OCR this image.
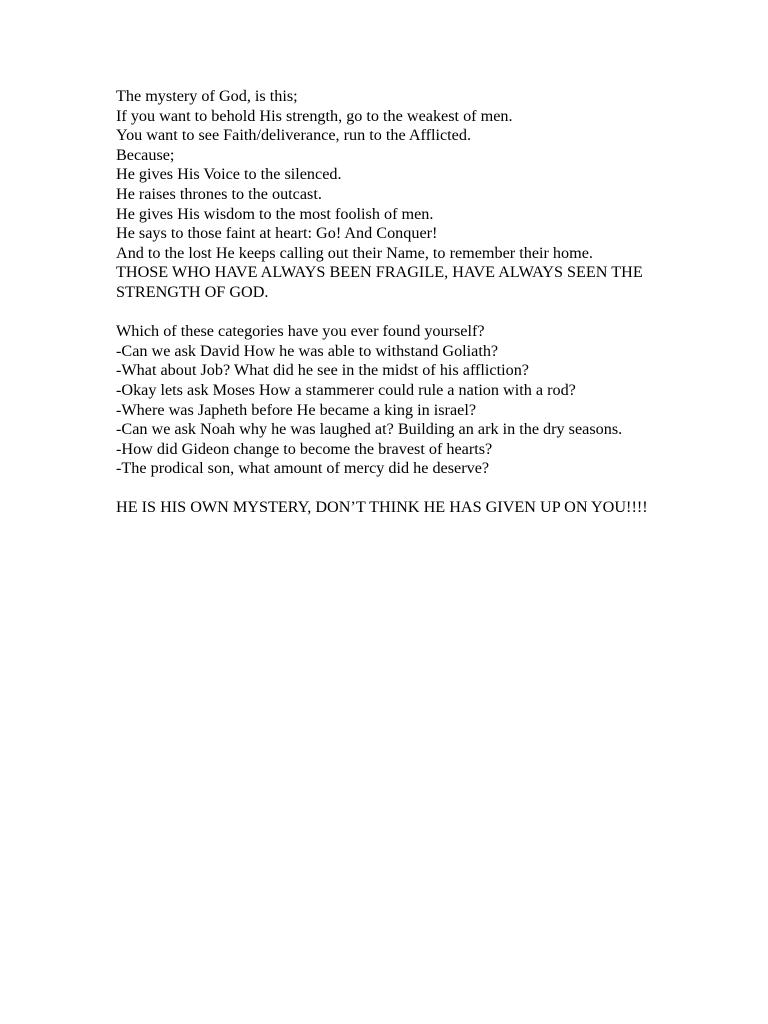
The mystery of God, is this;
If you want to behold His strength, go to the weakest of men.
You want to see Faith/deliverance, run to the Afflicted.
Because;
He gives His Voice to the silenced.
He raises thrones to the outcast.
He gives His wisdom to the most foolish of men.
He says to those faint at heart: Go! And Conquer!
And to the lost He keeps calling out their Name, to remember their home.
THOSE WHO HAVE ALWAYS BEEN FRAGILE, HAVE ALWAYS SEEN THE STRENGTH OF GOD.
Which of these categories have you ever found yourself?
-Can we ask David How he was able to withstand Goliath?
-What about Job? What did he see in the midst of his affliction?
-Okay lets ask Moses How a stammerer could rule a nation with a rod?
-Where was Japheth before He became a king in israel?
-Can we ask Noah why he was laughed at? Building an ark in the dry seasons.
-How did Gideon change to become the bravest of hearts?
-The prodical son, what amount of mercy did he deserve?
HE IS HIS OWN MYSTERY, DON’T THINK HE HAS GIVEN UP ON YOU!!!!
